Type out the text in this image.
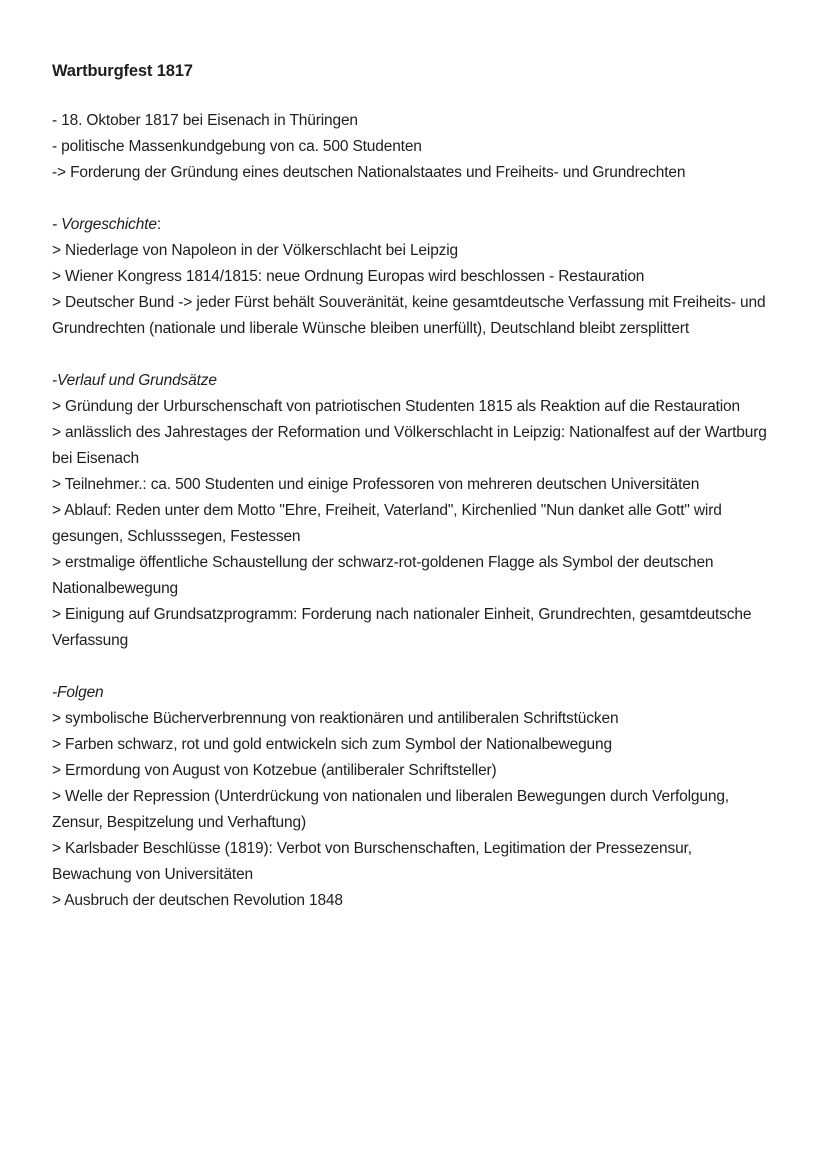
Wartburgfest 1817

- 18. Oktober 1817 bei Eisenach in Thüringen

- politische Massenkundgebung von ca. 500 Studenten

-> Forderung der Gründung eines deutschen Nationalstaates und Freiheits- und Grundrechten

- Vorgeschichte:

> Niederlage von Napoleon in der Völkerschlacht bei Leipzig

> Wiener Kongress 1814/1815: neue Ordnung Europas wird beschlossen - Restauration

> Deutscher Bund -> jeder Fürst behält Souveränität, keine gesamtdeutsche Verfassung mit Freiheits- und Grundrechten (nationale und liberale Wünsche bleiben unerfüllt), Deutschland bleibt zersplittert

-Verlauf und Grundsätze

> Gründung der Urburschenschaft von patriotischen Studenten 1815 als Reaktion auf die Restauration

> anlässlich des Jahrestages der Reformation und Völkerschlacht in Leipzig: Nationalfest auf der Wartburg bei Eisenach

> Teilnehmer.: ca. 500 Studenten und einige Professoren von mehreren deutschen Universitäten

> Ablauf: Reden unter dem Motto "Ehre, Freiheit, Vaterland", Kirchenlied "Nun danket alle Gott" wird gesungen, Schlusssegen, Festessen

> erstmalige öffentliche Schaustellung der schwarz-rot-goldenen Flagge als Symbol der deutschen Nationalbewegung

> Einigung auf Grundsatzprogramm: Forderung nach nationaler Einheit, Grundrechten, gesamtdeutsche Verfassung

-Folgen

> symbolische Bücherverbrennung von reaktionären und antiliberalen Schriftstücken

> Farben schwarz, rot und gold entwickeln sich zum Symbol der Nationalbewegung

> Ermordung von August von Kotzebue (antiliberaler Schriftsteller)

> Welle der Repression (Unterdrückung von nationalen und liberalen Bewegungen durch Verfolgung, Zensur, Bespitzelung und Verhaftung)

> Karlsbader Beschlüsse (1819): Verbot von Burschenschaften, Legitimation der Pressezensur, Bewachung von Universitäten

> Ausbruch der deutschen Revolution 1848
